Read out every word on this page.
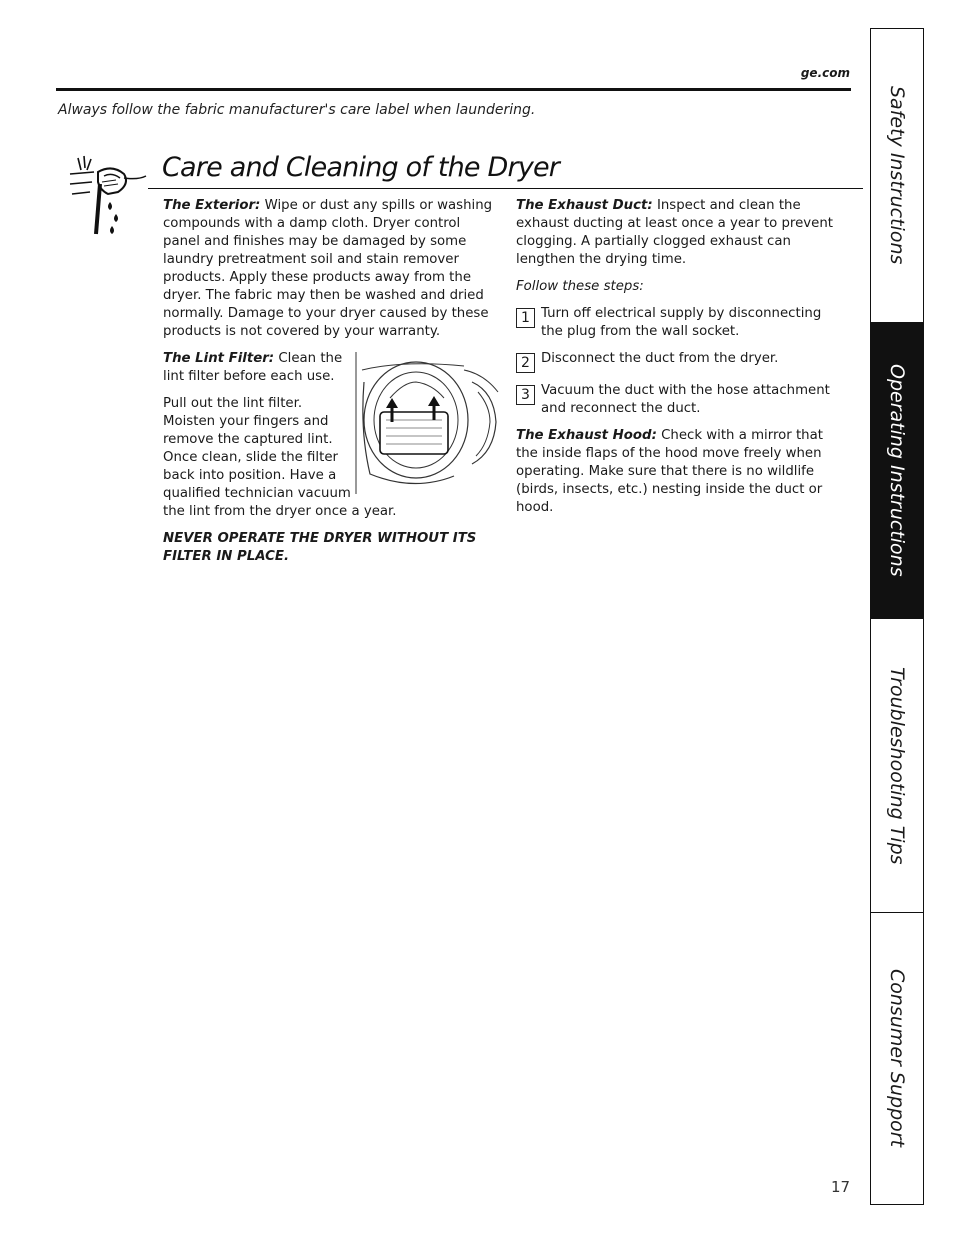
ge.com
Always follow the fabric manufacturer's care label when laundering.
Care and Cleaning of the Dryer

The Exterior: Wipe or dust any spills or washing compounds with a damp cloth. Dryer control panel and finishes may be damaged by some laundry pretreatment soil and stain remover products. Apply these products away from the dryer. The fabric may then be washed and dried normally. Damage to your dryer caused by these products is not covered by your warranty.

The Lint Filter: Clean the lint filter before each use.

Pull out the lint filter. Moisten your fingers and remove the captured lint. Once clean, slide the filter back into position. Have a qualified technician vacuum

the lint from the dryer once a year.

NEVER OPERATE THE DRYER WITHOUT ITS FILTER IN PLACE.

The Exhaust Duct: Inspect and clean the exhaust ducting at least once a year to prevent clogging. A partially clogged exhaust can lengthen the drying time.

Follow these steps:

1 Turn off electrical supply by disconnecting the plug from the wall socket.
2 Disconnect the duct from the dryer.
3 Vacuum the duct with the hose attachment and reconnect the duct.

The Exhaust Hood: Check with a mirror that the inside flaps of the hood move freely when operating. Make sure that there is no wildlife (birds, insects, etc.) nesting inside the duct or hood.

Safety Instructions
Operating Instructions
Troubleshooting Tips
Consumer Support
17
